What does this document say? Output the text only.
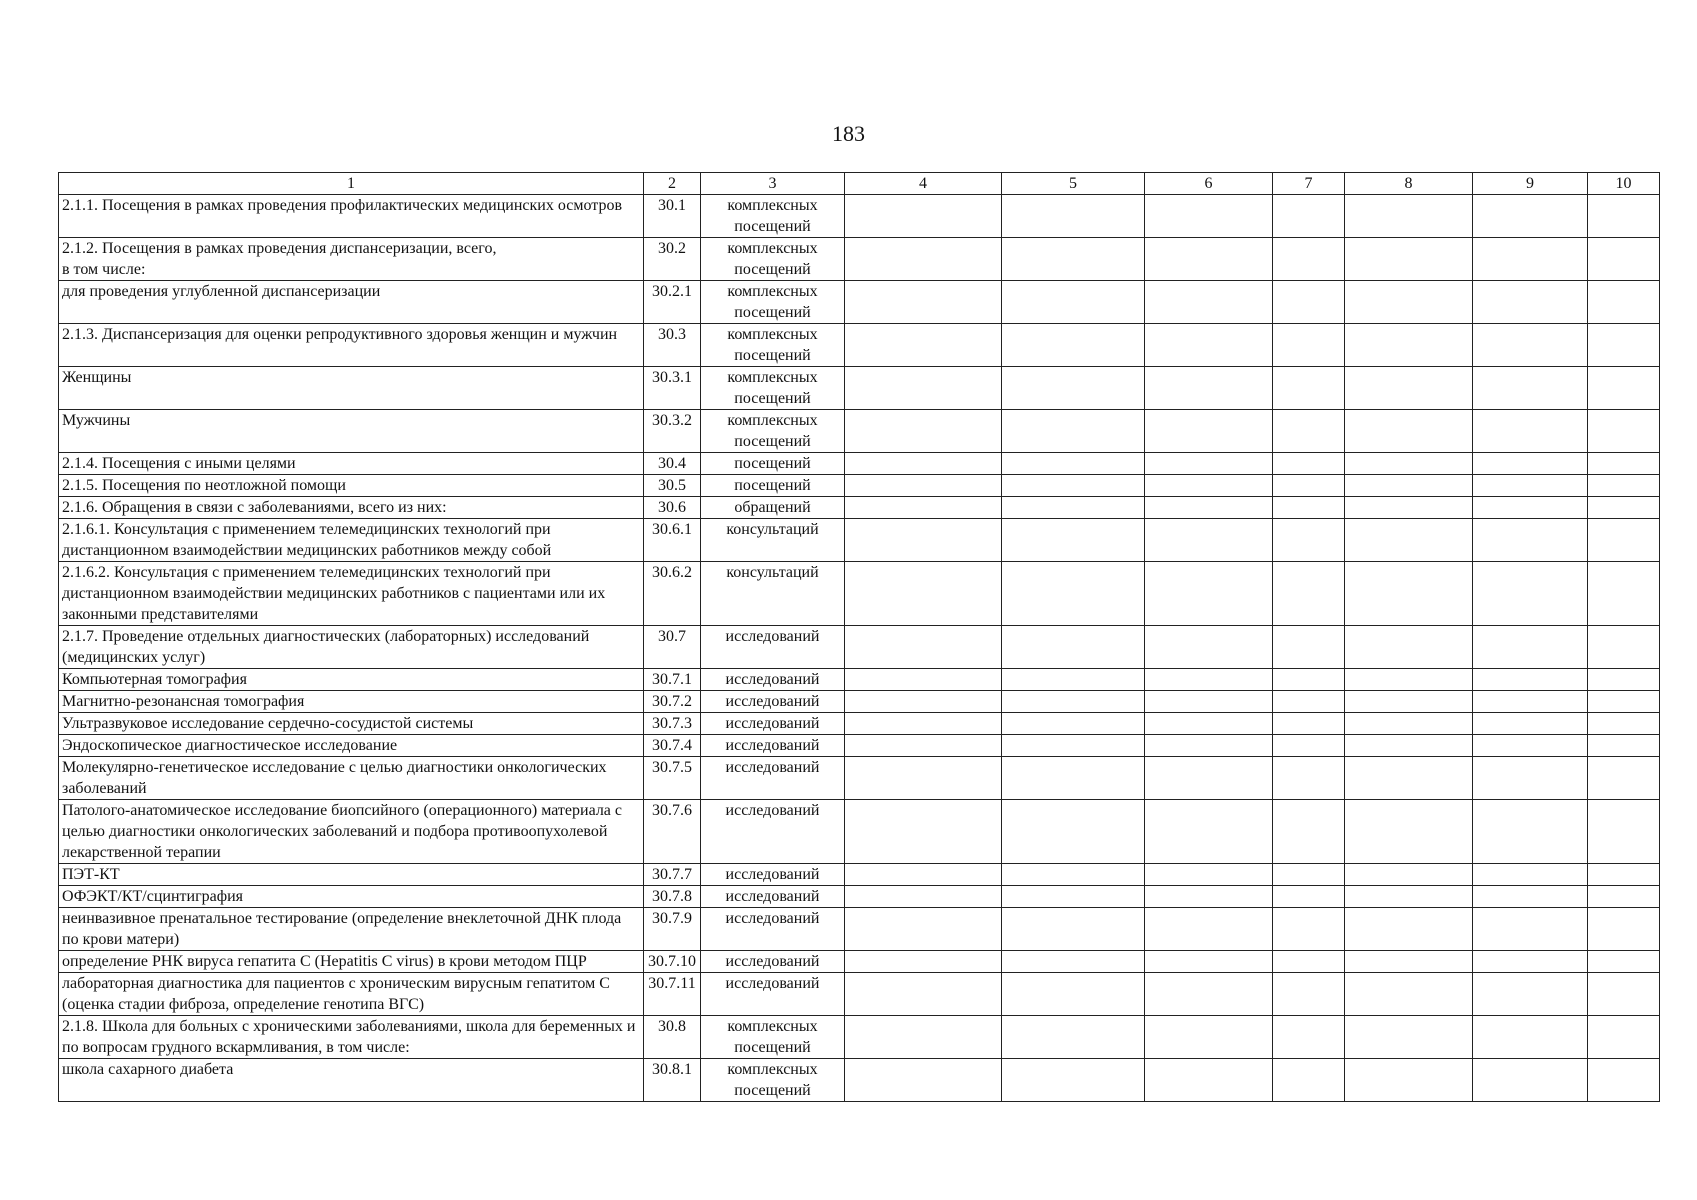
183
1	2	3	4	5	6	7	8	9	10
2.1.1. Посещения в рамках проведения профилактических медицинских осмотров	30.1	комплексных посещений							
2.1.2. Посещения в рамках проведения диспансеризации, всего,
в том числе:	30.2	комплексных посещений							
для проведения углубленной диспансеризации	30.2.1	комплексных посещений							
2.1.3. Диспансеризация для оценки репродуктивного здоровья женщин и мужчин	30.3	комплексных посещений							
Женщины	30.3.1	комплексных посещений							
Мужчины	30.3.2	комплексных посещений							
2.1.4. Посещения с иными целями	30.4	посещений							
2.1.5. Посещения по неотложной помощи	30.5	посещений							
2.1.6. Обращения в связи с заболеваниями, всего из них:	30.6	обращений							
2.1.6.1. Консультация с применением телемедицинских технологий при дистанционном взаимодействии медицинских работников между собой	30.6.1	консультаций							
2.1.6.2. Консультация с применением телемедицинских технологий при дистанционном взаимодействии медицинских работников с пациентами или их законными представителями	30.6.2	консультаций							
2.1.7. Проведение отдельных диагностических (лабораторных) исследований (медицинских услуг)	30.7	исследований							
Компьютерная томография	30.7.1	исследований							
Магнитно-резонансная томография	30.7.2	исследований							
Ультразвуковое исследование сердечно-сосудистой системы	30.7.3	исследований							
Эндоскопическое диагностическое исследование	30.7.4	исследований							
Молекулярно-генетическое исследование с целью диагностики онкологических заболеваний	30.7.5	исследований							
Патолого-анатомическое исследование биопсийного (операционного) материала с целью диагностики онкологических заболеваний и подбора противоопухолевой лекарственной терапии	30.7.6	исследований							
ПЭТ-КТ	30.7.7	исследований							
ОФЭКТ/КТ/сцинтиграфия	30.7.8	исследований							
неинвазивное пренатальное тестирование (определение внеклеточной ДНК плода по крови матери)	30.7.9	исследований							
определение РНК вируса гепатита С (Hepatitis C virus) в крови методом ПЦР	30.7.10	исследований							
лабораторная диагностика для пациентов с хроническим вирусным гепатитом С (оценка стадии фиброза, определение генотипа ВГС)	30.7.11	исследований							
2.1.8. Школа для больных с хроническими заболеваниями, школа для беременных и по вопросам грудного вскармливания, в том числе:	30.8	комплексных посещений							
школа сахарного диабета	30.8.1	комплексных посещений							
